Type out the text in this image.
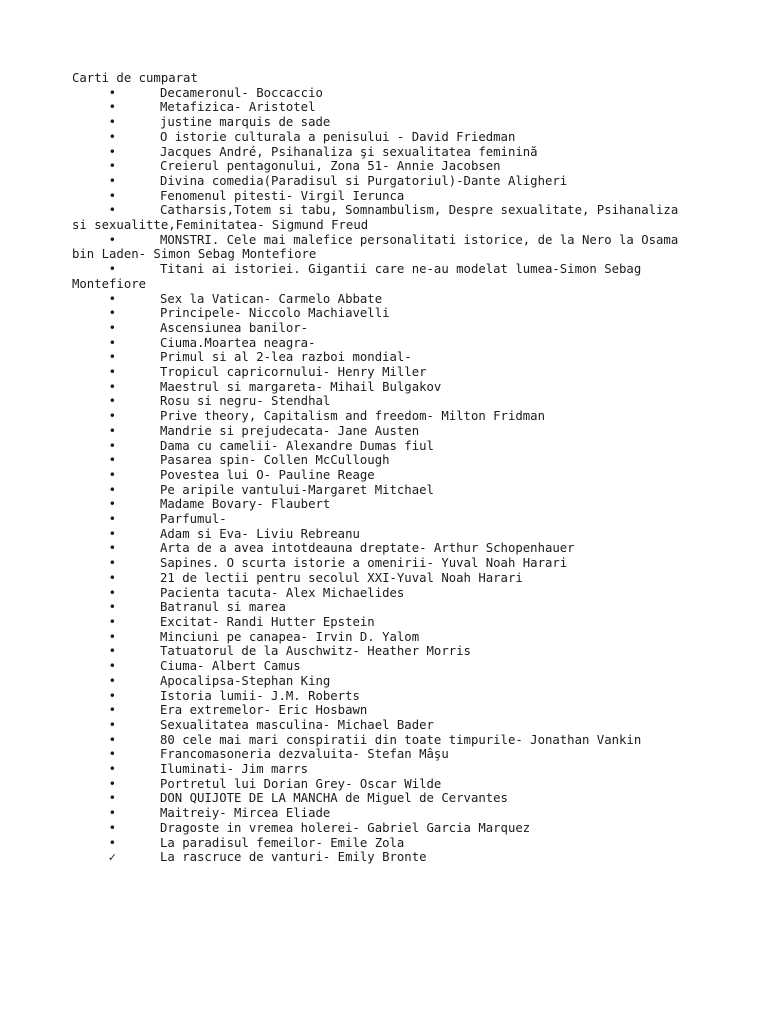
Carti de cumparat
•	Decameronul- Boccaccio
•	Metafizica- Aristotel
•	justine marquis de sade
•	O istorie culturala a penisului - David Friedman
•	Jacques André, Psihanaliza şi sexualitatea feminină
•	Creierul pentagonului, Zona 51- Annie Jacobsen
•	Divina comedia(Paradisul si Purgatoriul)-Dante Aligheri
•	Fenomenul pitesti- Virgil Ierunca
•	Catharsis,Totem si tabu, Somnambulism, Despre sexualitate, Psihanaliza si sexualitte,Feminitatea- Sigmund Freud
•	MONSTRI. Cele mai malefice personalitati istorice, de la Nero la Osama bin Laden- Simon Sebag Montefiore
•	Titani ai istoriei. Gigantii care ne-au modelat lumea-Simon Sebag Montefiore
•	Sex la Vatican- Carmelo Abbate
•	Principele- Niccolo Machiavelli
•	Ascensiunea banilor-
•	Ciuma.Moartea neagra-
•	Primul si al 2-lea razboi mondial-
•	Tropicul capricornului- Henry Miller
•	Maestrul si margareta- Mihail Bulgakov
•	Rosu si negru- Stendhal
•	Prive theory, Capitalism and freedom- Milton Fridman
•	Mandrie si prejudecata- Jane Austen
•	Dama cu camelii- Alexandre Dumas fiul
•	Pasarea spin- Collen McCullough
•	Povestea lui O- Pauline Reage
•	Pe aripile vantului-Margaret Mitchael
•	Madame Bovary- Flaubert
•	Parfumul-
•	Adam si Eva- Liviu Rebreanu
•	Arta de a avea intotdeauna dreptate- Arthur Schopenhauer
•	Sapines. O scurta istorie a omenirii- Yuval Noah Harari
•	21 de lectii pentru secolul XXI-Yuval Noah Harari
•	Pacienta tacuta- Alex Michaelides
•	Batranul si marea
•	Excitat- Randi Hutter Epstein
•	Minciuni pe canapea- Irvin D. Yalom
•	Tatuatorul de la Auschwitz- Heather Morris
•	Ciuma- Albert Camus
•	Apocalipsa-Stephan King
•	Istoria lumii- J.M. Roberts
•	Era extremelor- Eric Hosbawn
•	Sexualitatea masculina- Michael Bader
•	80 cele mai mari conspiratii din toate timpurile- Jonathan Vankin
•	Francomasoneria dezvaluita- Stefan Mâşu
•	Iluminati- Jim marrs
•	Portretul lui Dorian Grey- Oscar Wilde
•	DON QUIJOTE DE LA MANCHA de Miguel de Cervantes
•	Maitreiy- Mircea Eliade
•	Dragoste in vremea holerei- Gabriel Garcia Marquez
•	La paradisul femeilor- Emile Zola
✓	La rascruce de vanturi- Emily Bronte
